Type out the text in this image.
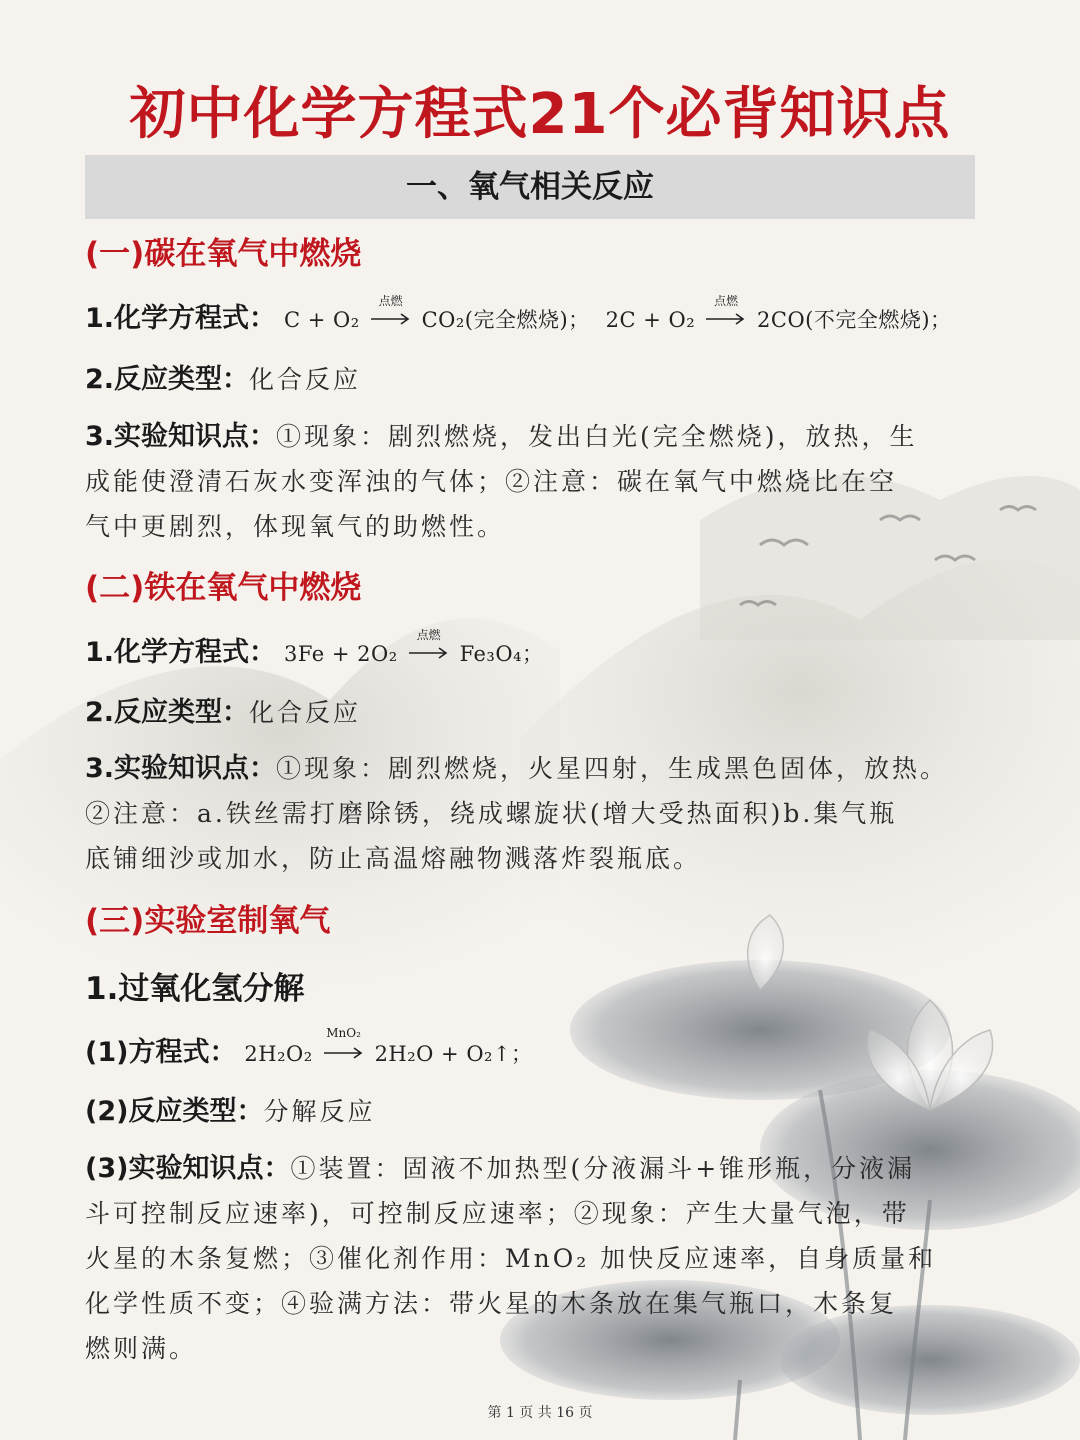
初中化学方程式21个必背知识点
一、氧气相关反应
(一)碳在氧气中燃烧
1.化学方程式： C + O₂
点燃
CO₂(完全燃烧)； 2C + O₂
点燃
2CO(不完全燃烧)；
2.反应类型：化合反应
3.实验知识点：①现象：剧烈燃烧，发出白光(完全燃烧)，放热，生
成能使澄清石灰水变浑浊的气体；②注意：碳在氧气中燃烧比在空
气中更剧烈，体现氧气的助燃性。
(二)铁在氧气中燃烧
1.化学方程式： 3Fe + 2O₂
点燃
Fe₃O₄；
2.反应类型：化合反应
3.实验知识点：①现象：剧烈燃烧，火星四射，生成黑色固体，放热。
②注意：a.铁丝需打磨除锈，绕成螺旋状(增大受热面积)b.集气瓶
底铺细沙或加水，防止高温熔融物溅落炸裂瓶底。
(三)实验室制氧气
1.过氧化氢分解
(1)方程式： 2H₂O₂
MnO₂
2H₂O + O₂↑；
(2)反应类型：分解反应
(3)实验知识点：①装置：固液不加热型(分液漏斗+锥形瓶，分液漏
斗可控制反应速率)，可控制反应速率；②现象：产生大量气泡，带
火星的木条复燃；③催化剂作用：MnO₂ 加快反应速率，自身质量和
化学性质不变；④验满方法：带火星的木条放在集气瓶口，木条复
燃则满。
第 1 页 共 16 页
